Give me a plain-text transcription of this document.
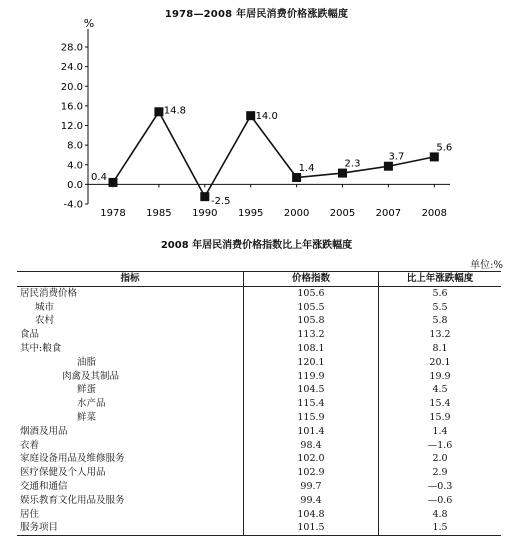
1978—2008 年居民消费价格涨跌幅度
%
28.0
24.0
20.0
16.0
12.0
8.0
4.0
0.0
-4.0
1978 1985 1990 1995 2000 2005 2007 2008
0.4
14.8
-2.5
14.0
1.4	2.3
3.7
5.6
2008 年居民消费价格指数比上年涨跌幅度
单位:%
指标	价格指数	比上年涨跌幅度
居民消费价格	105.6	5.6
城市	105.5	5.5
农村	105.8	5.8
食品	113.2	13.2
其中:粮食	108.1	8.1
油脂	120.1	20.1
肉禽及其制品	119.9	19.9
鲜蛋	104.5	4.5
水产品	115.4	15.4
鲜菜	115.9	15.9
烟酒及用品	101.4	1.4
衣着	98.4	—1.6
家庭设备用品及维修服务	102.0	2.0
医疗保健及个人用品	102.9	2.9
交通和通信	99.7	—0.3
娱乐教育文化用品及服务	99.4	—0.6
居住	104.8	4.8
服务项目	101.5	1.5
